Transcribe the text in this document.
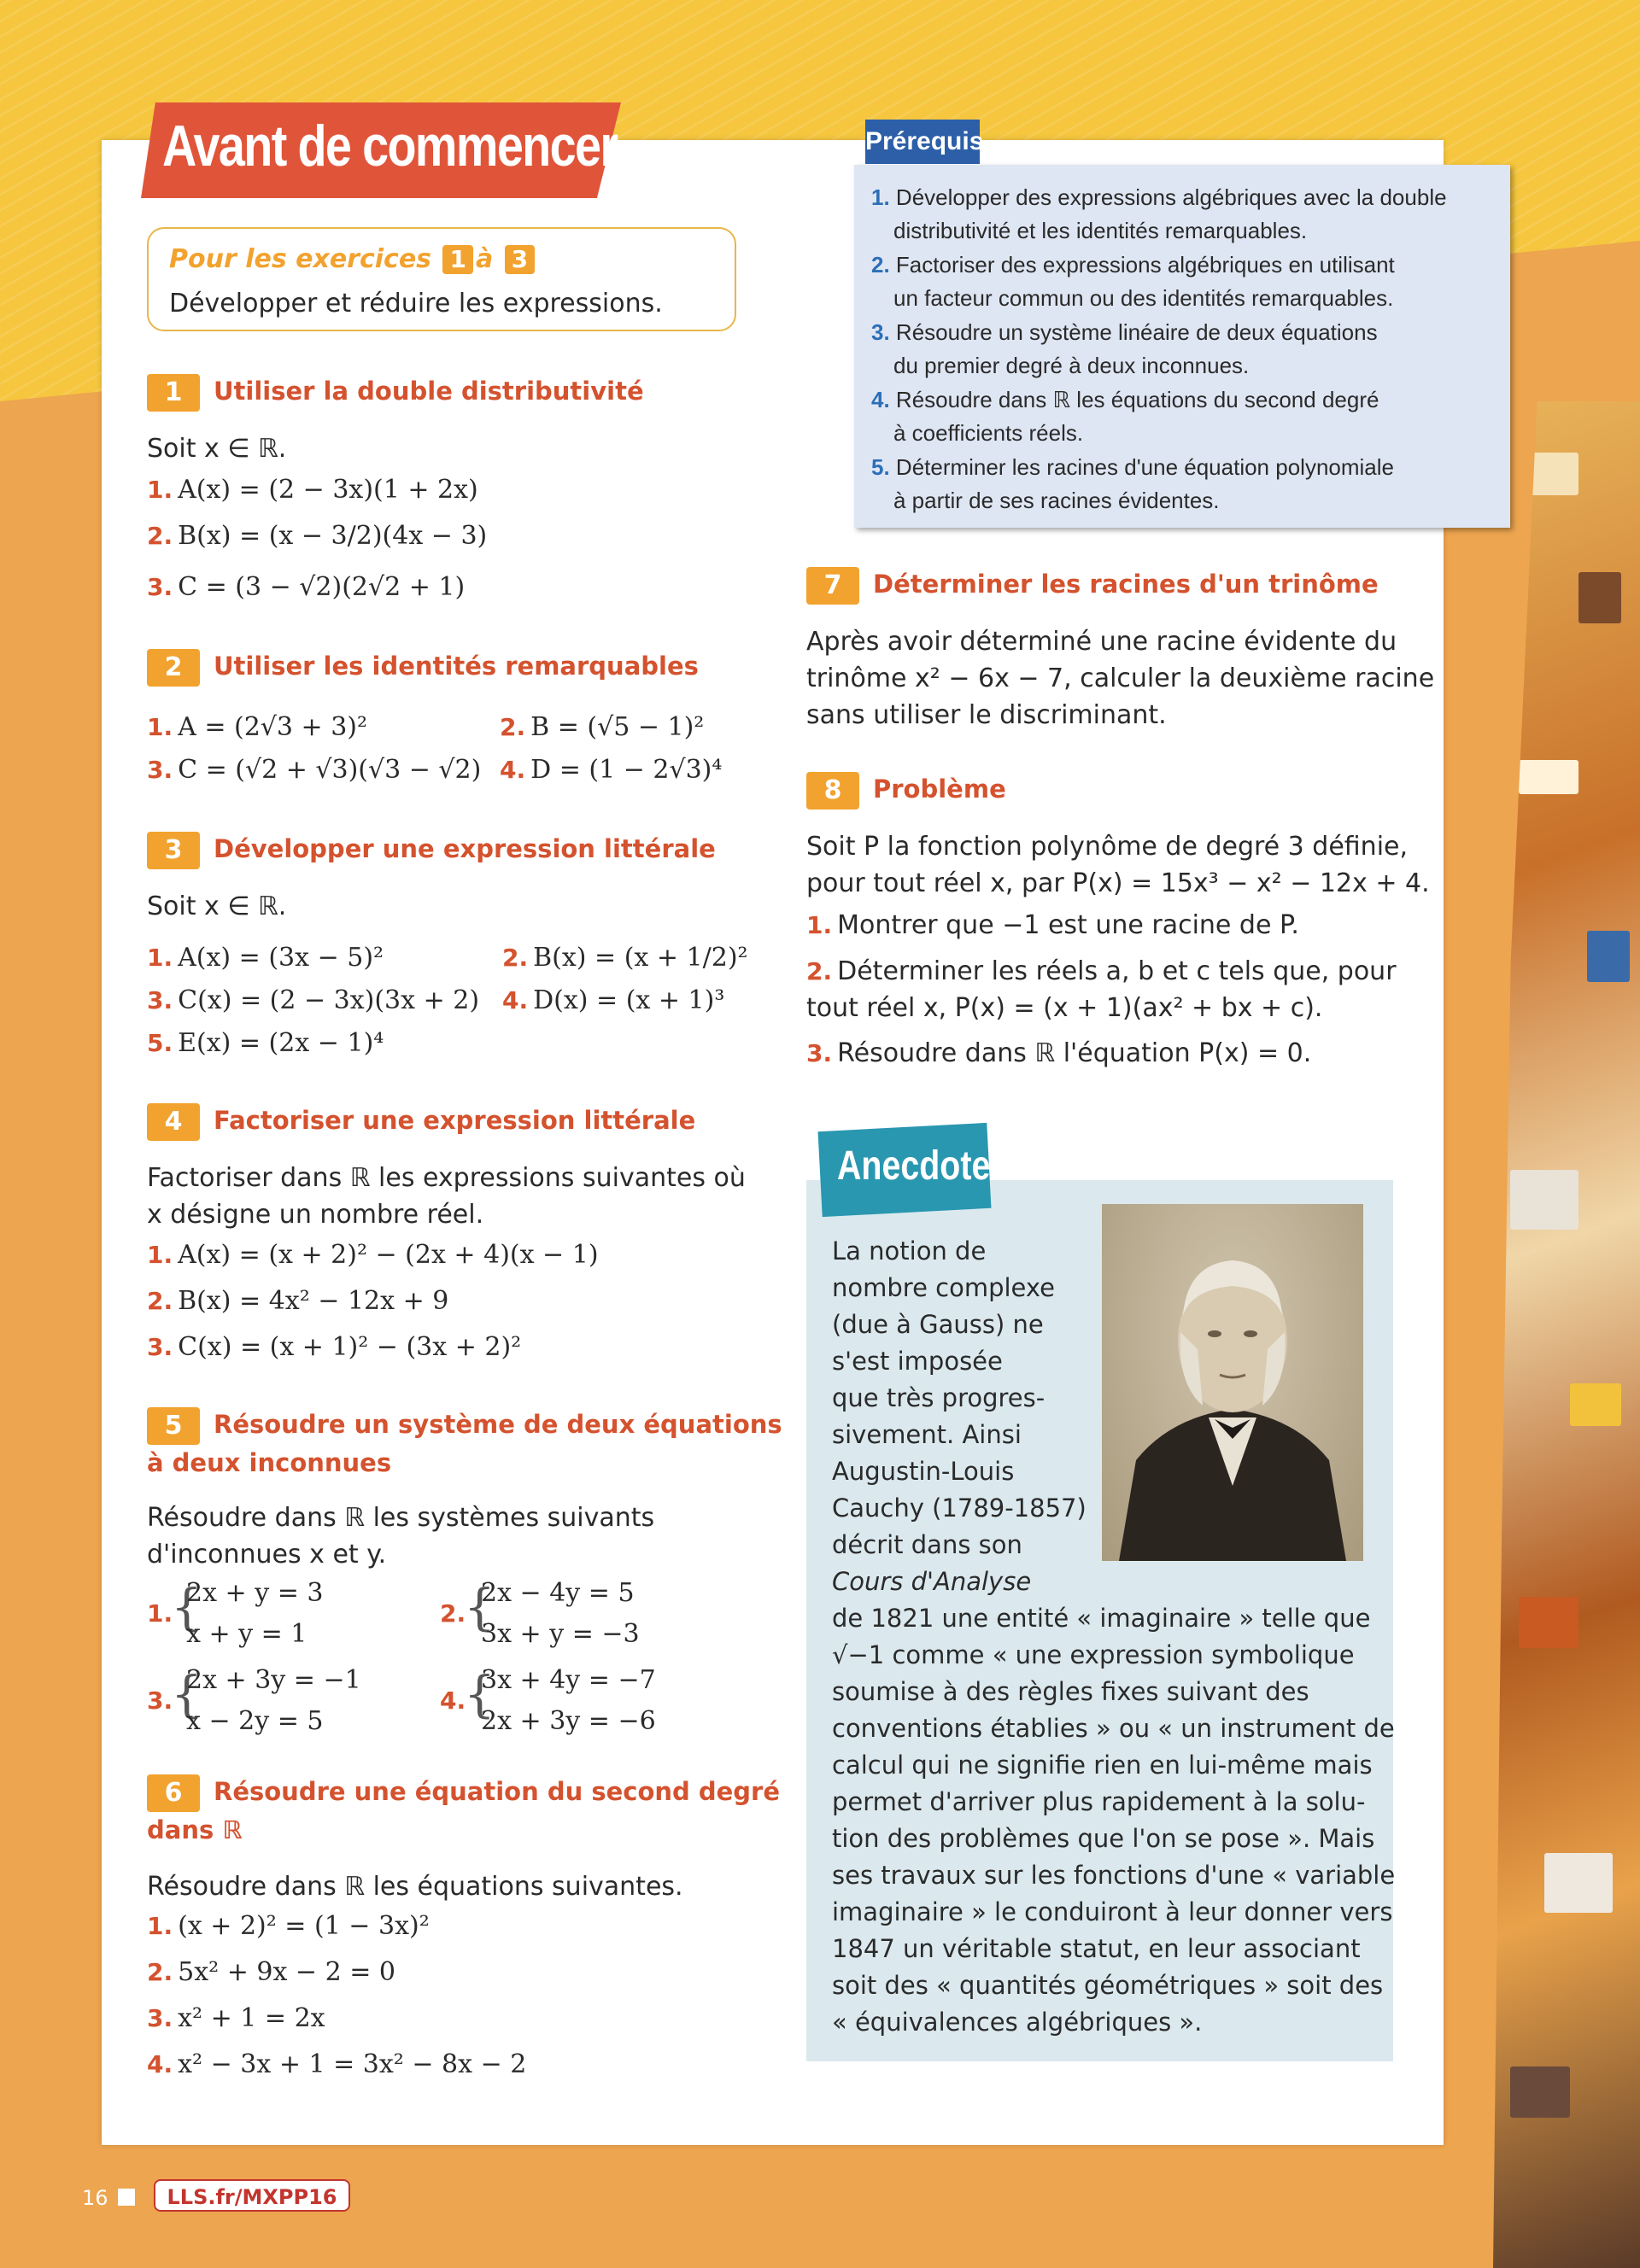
Avant de commencer
Pour les exercices 1 à 3
Développer et réduire les expressions.
1 Utiliser la double distributivité
Soit x ∈ ℝ.
1. A(x) = (2 − 3x)(1 + 2x)
2. B(x) = (x − 3/2)(4x − 3)
3. C = (3 − √2)(2√2 + 1)
2 Utiliser les identités remarquables
1. A = (2√3 + 3)²	2. B = (√5 − 1)²
3. C = (√2 + √3)(√3 − √2) 4. D = (1 − 2√3)⁴
3 Développer une expression littérale
Soit x ∈ ℝ.
1. A(x) = (3x − 5)²	2. B(x) = (x + 1/2)²
3. C(x) = (2 − 3x)(3x + 2) 4. D(x) = (x + 1)³
5. E(x) = (2x − 1)⁴
4 Factoriser une expression littérale
Factoriser dans ℝ les expressions suivantes où
x désigne un nombre réel.
1. A(x) = (x + 2)² − (2x + 4)(x − 1)
2. B(x) = 4x² − 12x + 9
3. C(x) = (x + 1)² − (3x + 2)²
5 Résoudre un système de deux équations
à deux inconnues
Résoudre dans ℝ les systèmes suivants
d'inconnues x et y.
1.
{
2x + y = 3
x + y = 1
2.
{
2x − 4y = 5
3x + y = −3
3.
{
2x + 3y = −1
x − 2y = 5
4.
{
3x + 4y = −7
2x + 3y = −6
6 Résoudre une équation du second degré
dans ℝ
Résoudre dans ℝ les équations suivantes.
1. (x + 2)² = (1 − 3x)²
2. 5x² + 9x − 2 = 0
3. x² + 1 = 2x
4. x² − 3x + 1 = 3x² − 8x − 2
Prérequis
1. Développer des expressions algébriques avec la double
distributivité et les identités remarquables.
2. Factoriser des expressions algébriques en utilisant
un facteur commun ou des identités remarquables.
3. Résoudre un système linéaire de deux équations
du premier degré à deux inconnues.
4. Résoudre dans ℝ les équations du second degré
à coefficients réels.
5. Déterminer les racines d'une équation polynomiale
à partir de ses racines évidentes.
7 Déterminer les racines d'un trinôme
Après avoir déterminé une racine évidente du
trinôme x² − 6x − 7, calculer la deuxième racine
sans utiliser le discriminant.
8 Problème
Soit P la fonction polynôme de degré 3 définie,
pour tout réel x, par P(x) = 15x³ − x² − 12x + 4.
1. Montrer que −1 est une racine de P.
2. Déterminer les réels a, b et c tels que, pour
tout réel x, P(x) = (x + 1)(ax² + bx + c).
3. Résoudre dans ℝ l'équation P(x) = 0.
Anecdote
La notion de
nombre complexe
(due à Gauss) ne
s'est imposée
que très progres-
sivement. Ainsi
Augustin-Louis
Cauchy (1789-1857)
décrit dans son
Cours d'Analyse
de 1821 une entité « imaginaire » telle que
√−1 comme « une expression symbolique
soumise à des règles fixes suivant des
conventions établies » ou « un instrument de
calcul qui ne signifie rien en lui-même mais
permet d'arriver plus rapidement à la solu-
tion des problèmes que l'on se pose ». Mais
ses travaux sur les fonctions d'une « variable
imaginaire » le conduiront à leur donner vers
1847 un véritable statut, en leur associant
soit des « quantités géométriques » soit des
« équivalences algébriques ».
16	LLS.fr/MXPP16
